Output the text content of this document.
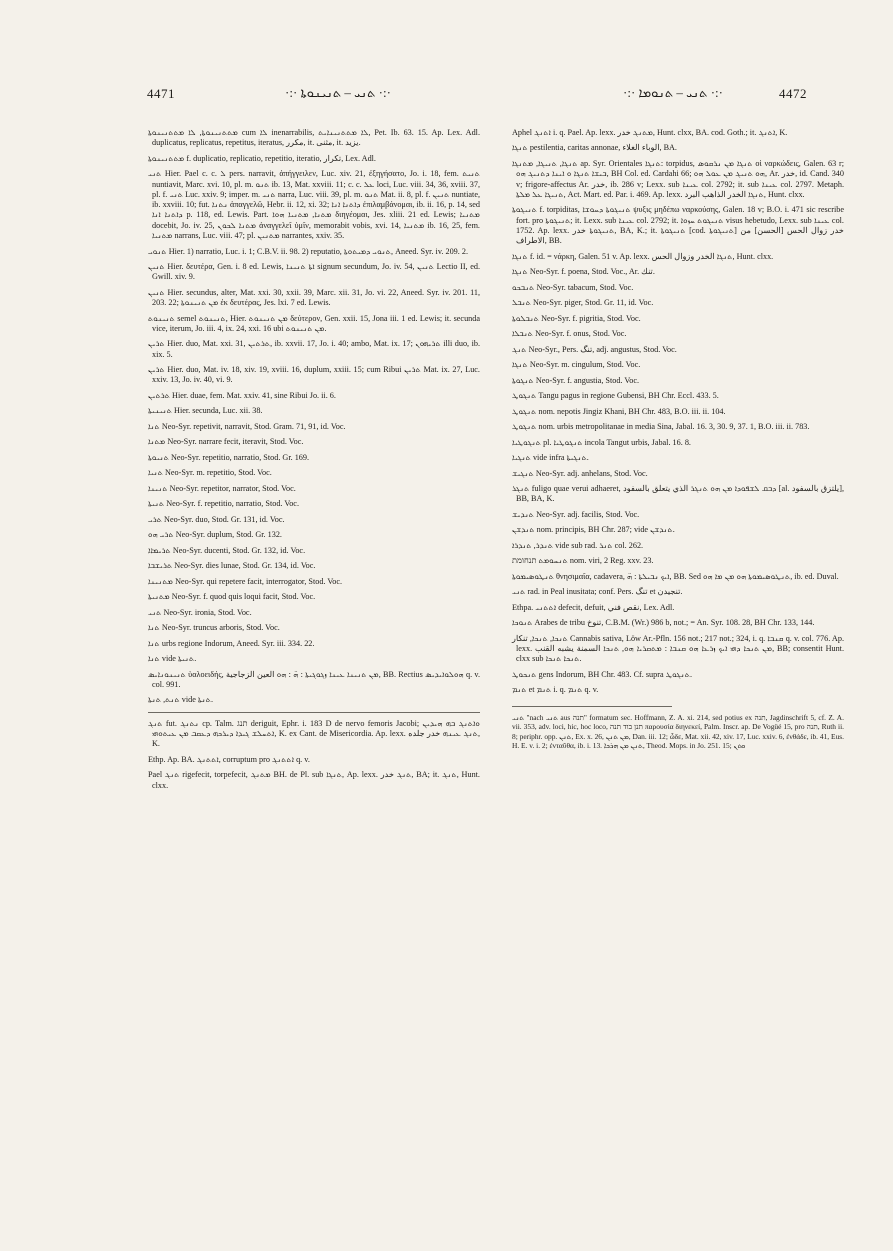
4471	·:· ܬܢܝ – ܬܢܝܢܘܬܐ ·:·	·:· ܬܢܝ – ܬܢܘܡܐ ·:·	4472

ܡܬܬܢܝܢܘܬܐ, ܠܐ ܡܬܬܢܝܢܘܬܐ cum ܠܐ inenarrabilis, ܠܐ ܡܬܬܢܝܢܐܝܬ, Pet. Ib. 63. 15. Ap. Lex. Adl. duplicatus, replicatus, repetitus, iteratus, مكرر, it. مثنى, it. يزيد.

ܡܬܬܢܝܢܘܬܐ f. duplicatio, replicatio, repetitio, iteratio, تكرار, Lex. Adl.

ܬܢܝ Hier. Pael c. c. ܠ pers. narravit, ἀπήγγειλεν, Luc. xiv. 21, ἐξηγήσατο, Jo. i. 18, fem. ܬܢܝܬ nuntiavit, Marc. xvi. 10, pl. m. ܬܢܘ ib. 13, Mat. xxviii. 11; c. c. ܥܠ loci, Luc. viii. 34, 36, xviii. 37, pl. f. ܬܢܝ Luc. xxiv. 9; imper. m. ܬܢܝ narra, Luc. viii. 39, pl. m. ܬܢܘ Mat. ii. 8, pl. f. ܬܢܝܢ nuntiate, ib. xxviii. 10; fut. ܢܬܢܐ ἀπαγγελῶ, Hebr. ii. 12, xi. 32; ܕܐܬܢܐ ܐܢܐ ἐπιλαμβάνομαι, ib. ii. 16, p. 14, sed ܕܐܬܢܐ ܐܢܐ p. 118, ed. Lewis. Part. ܡܬܢܐ, ܡܬܢܝܐ ܗܘܐ διηγέομαι, Jes. xliii. 21 ed. Lewis; ܡܬܢܝܐ docebit, Jo. iv. 25, ܡܬܢܐ ܠܟܘܢ ἀναγγελεῖ ὑμῖν, memorabit vobis, xvi. 14, ܡܬܢܝܐ ib. 16, 25, fem. ܡܬܢܝܐ narrans, Luc. viii. 47; pl. ܡܬܢܝܢ narrantes, xxiv. 35.

ܬܢܘܝ Hier. 1) narratio, Luc. i. 1; C.B.V. ii. 98. 2) reputatio, ܬܢܘܝ ܕܡܝܬܘܬܐ, Aneed. Syr. iv. 209. 2.

ܬܢܝܢ Hier. δευτέρα, Gen. i. 8 ed. Lewis, ܐܬܐ ܬܢܝܢܐ signum secundum, Jo. iv. 54, ܬܢܝܢ Lectio II, ed. Gwill. xiv. 9.

ܬܢܝܢ Hier. secundus, alter, Mat. xxi. 30, xxii. 39, Marc. xii. 31, Jo. vi. 22, Aneed. Syr. iv. 201. 11, 203. 22; ܡܢ ܬܢܝܢܘܬܐ ἐκ δευτέρας, Jes. lxi. 7 ed. Lewis.

ܬܢܝܢܘܬ semel ܬܢܝܢܘܬ, Hier. ܡܢ ܬܢܝܢܘܬ δεύτερον, Gen. xxii. 15, Jona iii. 1 ed. Lewis; it. secunda vice, iterum, Jo. iii. 4, ix. 24, xxi. 16 ubi ܡܢ ܬܢܝܢܘܬ.

ܬܪܝܢ Hier. duo, Mat. xxi. 31, ܬܪܬܝܢ, ib. xxvii. 17, Jo. i. 40; ambo, Mat. ix. 17; ܬܪܝܗܘܢ illi duo, ib. xix. 5.

ܬܪܝܢ Hier. duo, Mat. iv. 18, xiv. 19, xviii. 16, duplum, xxiii. 15; cum Ribui ܬܪܝܢ Mat. ix. 27, Luc. xxiv. 13, Jo. iv. 40, vi. 9.

ܬܪܬܝܢ Hier. duae, fem. Mat. xxiv. 41, sine Ribui Jo. ii. 6.

ܬܢܝܢܝܬܐ Hier. secunda, Luc. xii. 38.

ܬܢܐ Neo-Syr. repetivit, narravit, Stod. Gram. 71, 91, id. Voc.

ܡܬܢܐ Neo-Syr. narrare fecit, iteravit, Stod. Voc.

ܬܢܝܘܬܐ Neo-Syr. repetitio, narratio, Stod. Gr. 169.

ܬܢܝܐ Neo-Syr. m. repetitio, Stod. Voc.

ܬܢܝܢܐ Neo-Syr. repetitor, narrator, Stod. Voc.

ܬܢܝܬܐ Neo-Syr. f. repetitio, narratio, Stod. Voc.

ܬܪܝ Neo-Syr. duo, Stod. Gr. 131, id. Voc.

ܬܪܝ ܗܘ Neo-Syr. duplum, Stod. Gr. 132.

ܬܪܝܡܐܐ Neo-Syr. ducenti, Stod. Gr. 132, id. Voc.

ܬܪܝܫܒܐ Neo-Syr. dies lunae, Stod. Gr. 134, id. Voc.

ܡܬܢܝܢܐ Neo-Syr. qui repetere facit, interrogator, Stod. Voc.

ܡܬܢܝܬܐ Neo-Syr. f. quod quis loqui facit, Stod. Voc.

ܬܢܝ Neo-Syr. ironia, Stod. Voc.

ܬܢܐ Neo-Syr. truncus arboris, Stod. Voc.

ܬܢܐ urbs regione Indorum, Aneed. Syr. iii. 334. 22.

ܬܢܐ vide ܬܢܝܬܐ.

ܬܢܝܢܘܢܐܝܣ ὑαλοειδής, ܡܢ ܬܢܝܢܐ ܥܝܢܐ ܙܓܘܓܝܬܐ : ܗ̈ : ܗܘ العين الزجاجية, BB. Rectius ܗܘܠܘܐܝܕܝܣ q. v. col. 991.

ܬܢܬ, ܬܢܬܐ vide ܬܢܬܐ.

ܬܢܓ fut. ܢܬܢܓ cp. Talm. תנג deriguit, Ephr. i. 183 D de nervo femoris Jacobi; ܘܐܬܢܓ ܒܗ ܗܝܕܝܢ ܐܬܚܠܫ ܓܝܕܐ ܕܝܪܟܗ ܕܥܩܒ ܡܢ ܥܝܬܘܗܝ, K. ex Cant. de Misericordia. Ap. lexx. ܬܢܓ ܥܝܢܗ خدر جلده, K.

Ethp. Ap. BA. ܐܬܬܢܓ, corruptum pro ܐܬܬܢܓ q. v.

Pael ܬܢܓ rigefecit, torpefecit, ܡܬܢܓ BH. de Pl. sub ܬܢܓܐ, Ap. lexx. ܬܢܓ خدر, BA; it. ܬܢܓ, Hunt. clxx.

Aphel ܐܬܢܓ i. q. Pael. Ap. lexx. ܡܬܢܓ خدر, Hunt. clxx, BA. cod. Goth.; it. ܐܬܢܓ, K.

ܬܢܓܐ pestilentia, caritas annonae, الوباء الغلاء, BA.

ܬܢܓܐ, ܬܢܝܓܐ, ܡܬܢܓܐ ap. Syr. Orientales ܬܢܓܐ: torpidus, ܬܢܓܐ ܡܢ ܢܪܩܘܣ οἱ ναρκώδεις, Galen. 63 r; ܒܝܫܐ ܬܢܓܐ ܘ ܐܝܢܐ ܕܬܢܝܓ ܗܘ, BH Col. ed. Cardahi 66; ܗܘ ܬܢܝܓ ܡܢ ܥܘܠ ܗܘ, Ar. خدر, id. Cand. 340 v; frigore-affectus Ar. خدر, ib. 286 v; Lexx. sub ܥܝܢܐ col. 2792; it. sub ܥܝܢܐ col. 2797. Metaph. ܬܢܝܓܐ ܥܠ ܡܠܬܐ, Act. Mart. ed. Par. i. 469. Ap. lexx. ܬܢܓܐ الخدر الذاهب البرد, Hunt. clxx.

ܬܢܝܓܘܬܐ f. torpiditas, ܬܢܝܓܘܬܐ ܕܚܘܫܐ ψυξις μηδέπω ναρκούσης, Galen. 18 v; B.O. i. 471 sic rescribe fort. pro ܬܢܝܓܘܬܐ; it. Lexx. sub ܥܝܢܐ col. 2792; it. ܬܢܝܓܘܬ ܚܙܘܐ visus hebetudo, Lexx. sub ܥܝܢܐ col. 1752. Ap. lexx. ܬܢܝܓܘܬܐ خدر, BA, K.; it. ܬܢܝܓܘܬܐ [cod. ܬܢܝܓܘܬܐ] خدر زوال الحس [الحسن] من الاطراف, BB.

ܬܢܓܐ f. id. = νάρκη, Galen. 51 v. Ap. lexx. ܬܢܓܐ الخدر وزوال الحس, Hunt. clxx.

ܬܢܓܐ Neo-Syr. f. poena, Stod. Voc., Ar. تنك.

ܬܢܒܟܘ Neo-Syr. tabacum, Stod. Voc.

ܬܢܒܠ Neo-Syr. piger, Stod. Gr. 11, id. Voc.

ܬܢܒܠܘܬܐ Neo-Syr. f. pigritia, Stod. Voc.

ܬܢܒܠܐ Neo-Syr. f. onus, Stod. Voc.

ܬܢܓ Neo-Syr., Pers. تنگ, adj. angustus, Stod. Voc.

ܬܢܓܐ Neo-Syr. m. cingulum, Stod. Voc.

ܬܢܓܘܬܐ Neo-Syr. f. angustia, Stod. Voc.

ܬܢܓܘܛ Tangu pagus in regione Gubensi, BH Chr. Eccl. 433. 5.

ܬܢܓܘܛ nom. nepotis Jingiz Khani, BH Chr. 483, B.O. iii. ii. 104.

ܬܢܓܘܛ nom. urbis metropolitanae in media Sina, Jabal. 16. 3, 30. 9, 37. 1, B.O. iii. ii. 783.

ܬܢܓܘܛܝܐ pl. ܬܢܓܘܛܝܐ incola Tangut urbis, Jabal. 16. 8.

ܬܢܓܝܐ vide infra ܬܢܓܝܬܐ.

ܬܢܓܝܫ Neo-Syr. adj. anhelans, Stod. Voc.

ܬܢܓܪ fuligo quae verui adhaeret, ܕܒܩ ܠܫܦܘܕܐ ܡܢ ܗܘ ܬܢܓܪ الذي يتعلق بالسفود [al. يلتزق بالسفود], BB, BA, K.

ܬܢܕܝܫ Neo-Syr. adj. facilis, Stod. Voc.

ܬܢܕܫܢ nom. principis, BH Chr. 287; vide ܬܢܕܫܢ.

ܬܢܕܪ, ܬܢܕܪܐ vide sub rad. ܬܢܪ col. 262.

ܬܢܚܘܡܬ תנחומת nom. viri, 2 Reg. xxv. 23.

ܬܢܛܘܣܝܡܘܬܐ θνησιμαῖα, cadavera, ܐܝܟ ܢܒܝܠܬܐ : ܗ̈, BB. Sed ܬܢܛܘܣܝܡܘܬܐ ܗܘ ܡܢ ܡܐ ܗܘ, ib. ed. Duval.

ܬܢܝ rad. in Peal inusitata; conf. Pers. تنگ et تنجيدن.

Ethpa. ܐܬܬܢܝ defecit, defuit, نقص فني, Lex. Adl.

ܬܢܘܟܐ Arabes de tribu تنوخ, C.B.M. (Wr.) 986 b, not.; = An. Syr. 108. 28, BH Chr. 133, 144.

ܬܢܟܐ, ܬܢܟܐ, تنكار Cannabis sativa, Löw Ar.-Pfln. 156 not.; 217 not.; 324, i. q. ܩܢܒܐ q. v. col. 776. Ap. lexx. ܡܢ ܬܢܟܐ ܕܗܝ ܐܝܟ ܙܪܥܐ ܗܘ ܩܢܒܐ : ܡܬܩܪܝܐ ܗܘ, ܬܢܟܐ السمنة يشبه القنب, BB; consentit Hunt. clxx sub ܬܢܟܐ ܬܢܟܐ.

ܬܢܟܘܛ gens Indorum, BH Chr. 483. Cf. supra ܬܢܓܘܛ.

ܬܢܡ et ܬܢܡ i. q. ܬܢܡ q. v.

ܬܢܝ "nach ܬܢܝ aus תנה" formatum sec. Hoffmann, Z. A. xi. 214, sed potius ex תנה, Jagdinschrift 5, cf. Z. A. vii. 353, adv. loci, hic, hoc loco, תנן בוד תנה παρουσία διηνεκεί, Palm. Inscr. ap. De Vogüé 15, pro תנה, Ruth ii. 8; periphr. opp. ܬܢܢ, Ex. x. 26, ܡܢ ܬܢܢ, Dan. iii. 12; ὧδε, Mat. xii. 42, xiv. 17, Luc. xxiv. 6, ἐνθάδε, ib. 41, Eus. H. E. v. i. 2; ἐνταῦθα, ib. i. 13. ܬܢܢ ܡܢ ܗܪܟܐ, Theod. Mops. in Jo. 251. 15; ܘܬܢ
